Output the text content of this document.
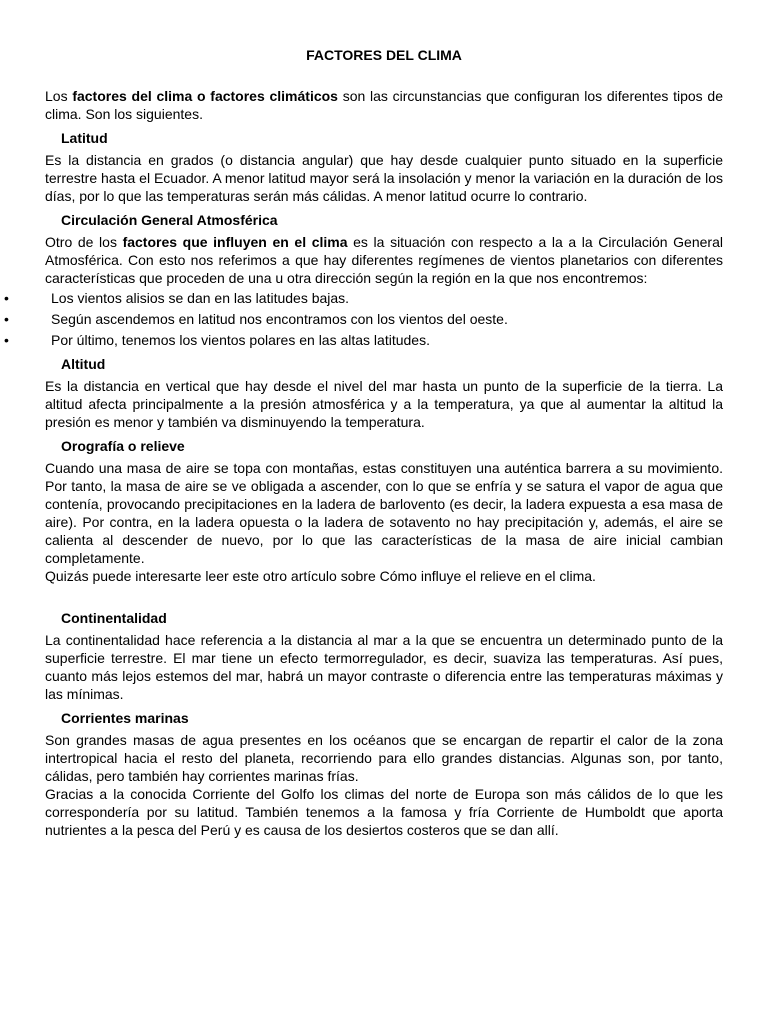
FACTORES DEL CLIMA

Los factores del clima o factores climáticos son las circunstancias que configuran los diferentes tipos de clima. Son los siguientes.

Latitud

Es la distancia en grados (o distancia angular) que hay desde cualquier punto situado en la superficie terrestre hasta el Ecuador. A menor latitud mayor será la insolación y menor la variación en la duración de los días, por lo que las temperaturas serán más cálidas. A menor latitud ocurre lo contrario.

Circulación General Atmosférica

Otro de los factores que influyen en el clima es la situación con respecto a la a la Circulación General Atmosférica. Con esto nos referimos a que hay diferentes regímenes de vientos planetarios con diferentes características que proceden de una u otra dirección según la región en la que nos encontremos:

•	Los vientos alisios se dan en las latitudes bajas.
•	Según ascendemos en latitud nos encontramos con los vientos del oeste.
•	Por último, tenemos los vientos polares en las altas latitudes.
Altitud

Es la distancia en vertical que hay desde el nivel del mar hasta un punto de la superficie de la tierra. La altitud afecta principalmente a la presión atmosférica y a la temperatura, ya que al aumentar la altitud la presión es menor y también va disminuyendo la temperatura.

Orografía o relieve

Cuando una masa de aire se topa con montañas, estas constituyen una auténtica barrera a su movimiento. Por tanto, la masa de aire se ve obligada a ascender, con lo que se enfría y se satura el vapor de agua que contenía, provocando precipitaciones en la ladera de barlovento (es decir, la ladera expuesta a esa masa de aire). Por contra, en la ladera opuesta o la ladera de sotavento no hay precipitación y, además, el aire se calienta al descender de nuevo, por lo que las características de la masa de aire inicial cambian completamente.

Quizás puede interesarte leer este otro artículo sobre Cómo influye el relieve en el clima.

Continentalidad

La continentalidad hace referencia a la distancia al mar a la que se encuentra un determinado punto de la superficie terrestre. El mar tiene un efecto termorregulador, es decir, suaviza las temperaturas. Así pues, cuanto más lejos estemos del mar, habrá un mayor contraste o diferencia entre las temperaturas máximas y las mínimas.

Corrientes marinas

Son grandes masas de agua presentes en los océanos que se encargan de repartir el calor de la zona intertropical hacia el resto del planeta, recorriendo para ello grandes distancias. Algunas son, por tanto, cálidas, pero también hay corrientes marinas frías.

Gracias a la conocida Corriente del Golfo los climas del norte de Europa son más cálidos de lo que les correspondería por su latitud. También tenemos a la famosa y fría Corriente de Humboldt que aporta nutrientes a la pesca del Perú y es causa de los desiertos costeros que se dan allí.
